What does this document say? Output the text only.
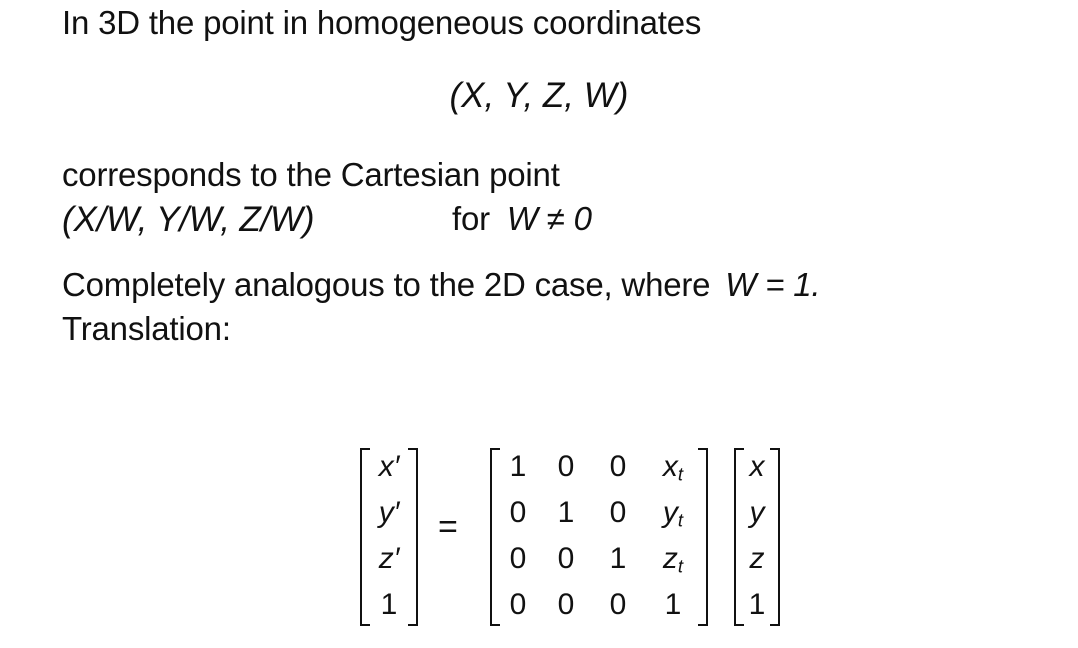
In 3D the point in homogeneous coordinates
(X, Y, Z, W)
corresponds to the Cartesian point
(X/W, Y/W, Z/W)	for W ≠ 0
Completely analogous to the 2D case, where W = 1.
Translation:
x′
y′
z′
1
=
1	0	0	$x_t$
0	1	0	$y_t$
0	0	1	$z_t$
0	0	0	1
x
y
z
1
